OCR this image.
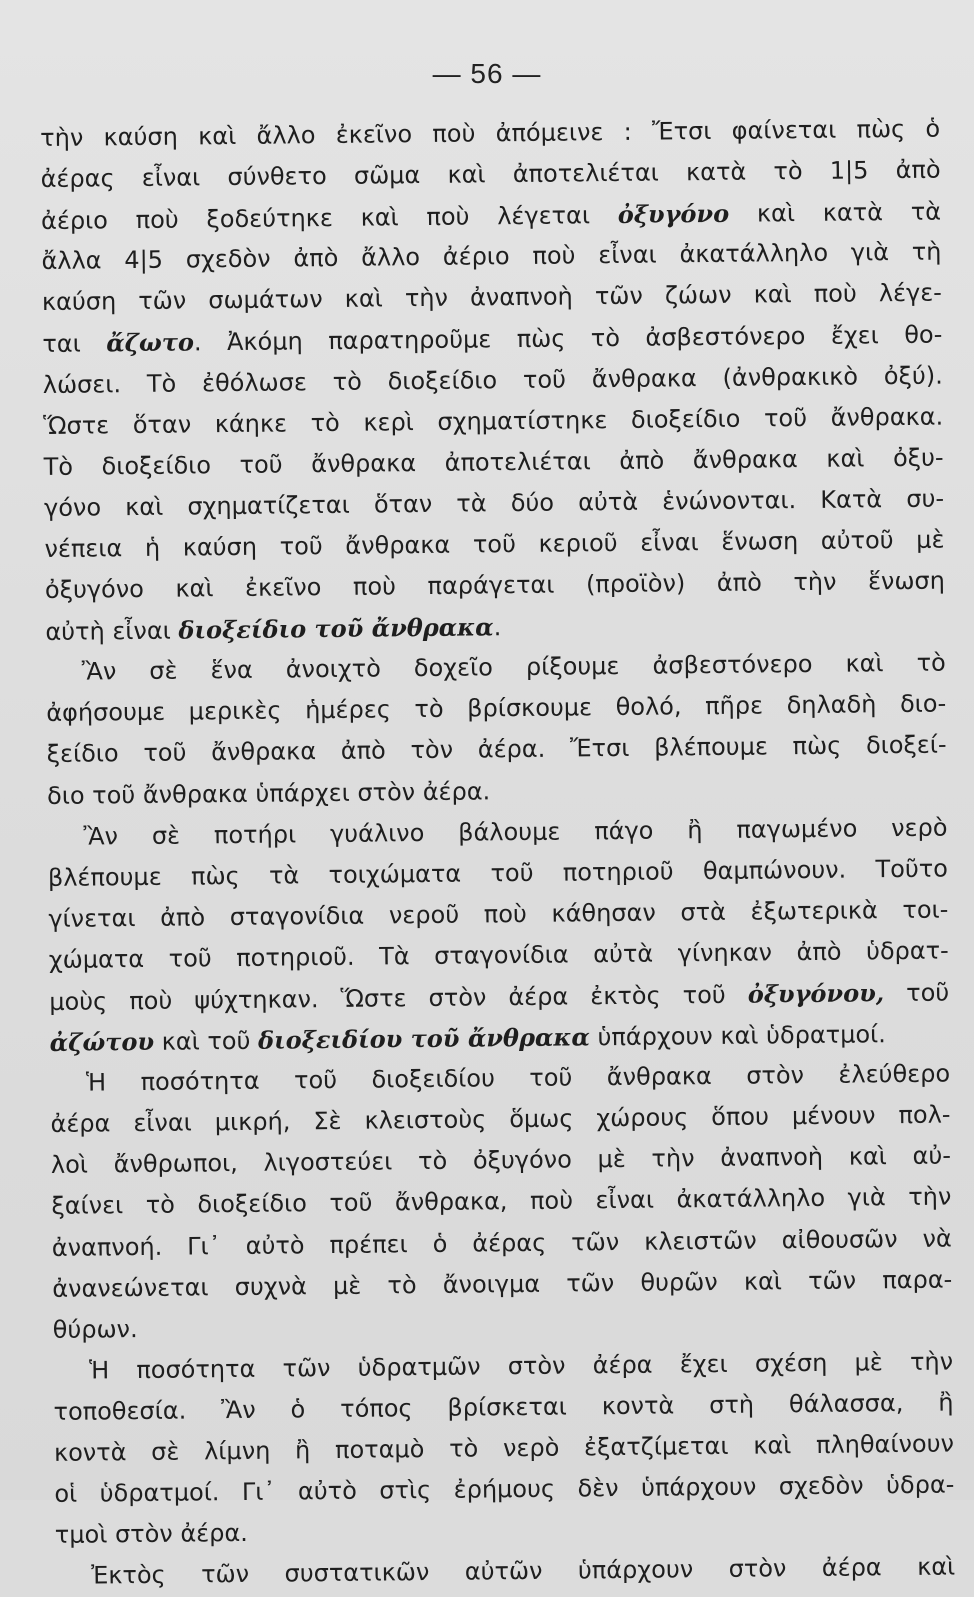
— 56 —
τὴν καύση καὶ ἄλλο ἐκεῖνο ποὺ ἀπόμεινε : Ἔτσι φαίνεται πὼς ὁ
ἀέρας εἶναι σύνθετο σῶμα καὶ ἀποτελιέται κατὰ τὸ 1|5 ἀπὸ
ἀέριο ποὺ ξοδεύτηκε καὶ ποὺ λέγεται ὀξυγόνο καὶ κατὰ τὰ
ἄλλα 4|5 σχεδὸν ἀπὸ ἄλλο ἀέριο ποὺ εἶναι ἀκατάλληλο γιὰ τὴ
καύση τῶν σωμάτων καὶ τὴν ἀναπνοὴ τῶν ζώων καὶ ποὺ λέγε-
ται ἄζωτο. Ἀκόμη παρατηροῦμε πὼς τὸ ἀσβεστόνερο ἔχει θο-
λώσει. Τὸ ἐθόλωσε τὸ διοξείδιο τοῦ ἄνθρακα (ἀνθρακικὸ ὀξύ).
Ὥστε ὅταν κάηκε τὸ κερὶ σχηματίστηκε διοξείδιο τοῦ ἄνθρακα.
Τὸ διοξείδιο τοῦ ἄνθρακα ἀποτελιέται ἀπὸ ἄνθρακα καὶ ὀξυ-
γόνο καὶ σχηματίζεται ὅταν τὰ δύο αὐτὰ ἑνώνονται. Κατὰ συ-
νέπεια ἡ καύση τοῦ ἄνθρακα τοῦ κεριοῦ εἶναι ἕνωση αὐτοῦ μὲ
ὀξυγόνο καὶ ἐκεῖνο ποὺ παράγεται (προϊὸν) ἀπὸ τὴν ἕνωση
αὐτὴ εἶναι διοξείδιο τοῦ ἄνθρακα.
Ἂν σὲ ἕνα ἀνοιχτὸ δοχεῖο ρίξουμε ἀσβεστόνερο καὶ τὸ
ἀφήσουμε μερικὲς ἡμέρες τὸ βρίσκουμε θολό, πῆρε δηλαδὴ διο-
ξείδιο τοῦ ἄνθρακα ἀπὸ τὸν ἀέρα. Ἔτσι βλέπουμε πὼς διοξεί-
διο τοῦ ἄνθρακα ὑπάρχει στὸν ἀέρα.
Ἂν σὲ ποτήρι γυάλινο βάλουμε πάγο ἢ παγωμένο νερὸ
βλέπουμε πὼς τὰ τοιχώματα τοῦ ποτηριοῦ θαμπώνουν. Τοῦτο
γίνεται ἀπὸ σταγονίδια νεροῦ ποὺ κάθησαν στὰ ἐξωτερικὰ τοι-
χώματα τοῦ ποτηριοῦ. Τὰ σταγονίδια αὐτὰ γίνηκαν ἀπὸ ὑδρατ-
μοὺς ποὺ ψύχτηκαν. Ὥστε στὸν ἀέρα ἐκτὸς τοῦ ὀξυγόνου, τοῦ
ἀζώτου καὶ τοῦ διοξειδίου τοῦ ἄνθρακα ὑπάρχουν καὶ ὑδρατμοί.
Ἡ ποσότητα τοῦ διοξειδίου τοῦ ἄνθρακα στὸν ἐλεύθερο
ἀέρα εἶναι μικρή, Σὲ κλειστοὺς ὅμως χώρους ὅπου μένουν πολ-
λοὶ ἄνθρωποι, λιγοστεύει τὸ ὀξυγόνο μὲ τὴν ἀναπνοὴ καὶ αὐ-
ξαίνει τὸ διοξείδιο τοῦ ἄνθρακα, ποὺ εἶναι ἀκατάλληλο γιὰ τὴν
ἀναπνοή. Γι᾽ αὐτὸ πρέπει ὁ ἀέρας τῶν κλειστῶν αἰθουσῶν νὰ
ἀνανεώνεται συχνὰ μὲ τὸ ἄνοιγμα τῶν θυρῶν καὶ τῶν παρα-
θύρων.
Ἡ ποσότητα τῶν ὑδρατμῶν στὸν ἀέρα ἔχει σχέση μὲ τὴν
τοποθεσία. Ἂν ὁ τόπος βρίσκεται κοντὰ στὴ θάλασσα, ἢ
κοντὰ σὲ λίμνη ἢ ποταμὸ τὸ νερὸ ἐξατζίμεται καὶ πληθαίνουν
οἱ ὑδρατμοί. Γι᾽ αὐτὸ στὶς ἐρήμους δὲν ὑπάρχουν σχεδὸν ὑδρα-
τμοὶ στὸν ἀέρα.
Ἐκτὸς τῶν συστατικῶν αὐτῶν ὑπάρχουν στὸν ἀέρα καὶ
